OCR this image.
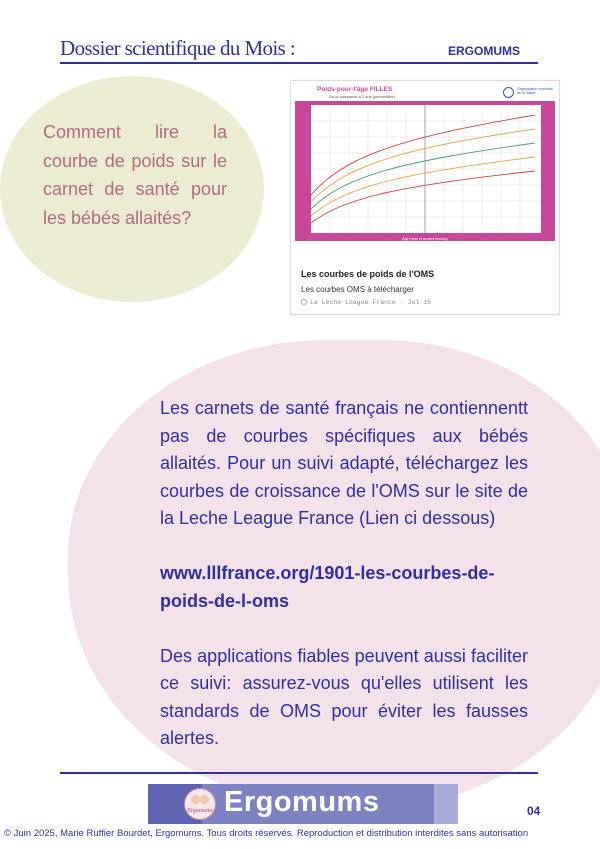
Dossier scientifique du Mois :	ERGOMUMS
Comment lire la courbe de poids sur le carnet de santé pour les bébés allaités?
Poids-pour-l'âge FILLES
De la naissance à 2 ans (percentiles)
Organisation mondiale de la Santé
Âge (mois et années révolus)
Les courbes de poids de l'OMS
Les courbes OMS à télécharger
La Leche League France · Jul 16

Les carnets de santé français ne contiennentt pas de courbes spécifiques aux bébés allaités. Pour un suivi adapté, téléchargez les courbes de croissance de l'OMS sur le site de la Leche League France (Lien ci dessous)

www.lllfrance.org/1901-les-courbes-de-poids-de-l-oms

Des applications fiables peuvent aussi faciliter ce suivi: assurez-vous qu'elles utilisent les standards de OMS pour éviter les fausses alertes.

Ergomums Ergomums	04
© Juin 2025, Marie Ruffier Bourdet, Ergomums. Tous droits réservés. Reproduction et distribution interdites sans autorisation
